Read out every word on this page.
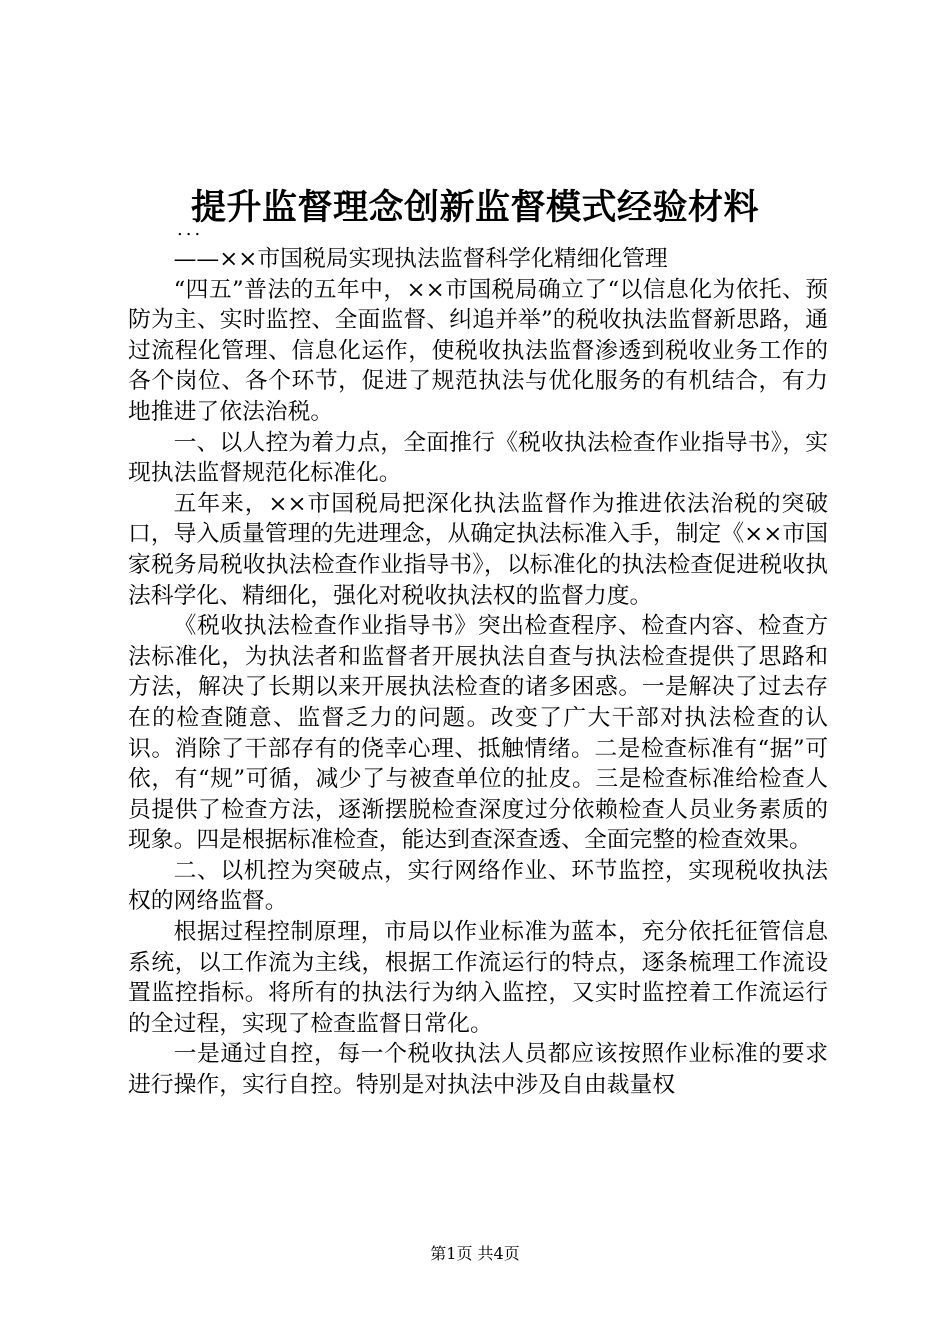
提升监督理念创新监督模式经验材料
...

——××市国税局实现执法监督科学化精细化管理

“四五”普法的五年中，××市国税局确立了“以信息化为依托、预防为主、实时监控、全面监督、纠追并举”的税收执法监督新思路，通过流程化管理、信息化运作，使税收执法监督渗透到税收业务工作的各个岗位、各个环节，促进了规范执法与优化服务的有机结合，有力地推进了依法治税。

一、以人控为着力点，全面推行《税收执法检查作业指导书》，实现执法监督规范化标准化。

五年来，××市国税局把深化执法监督作为推进依法治税的突破口，导入质量管理的先进理念，从确定执法标准入手，制定《××市国家税务局税收执法检查作业指导书》，以标准化的执法检查促进税收执法科学化、精细化，强化对税收执法权的监督力度。

《税收执法检查作业指导书》突出检查程序、检查内容、检查方法标准化，为执法者和监督者开展执法自查与执法检查提供了思路和方法，解决了长期以来开展执法检查的诸多困惑。一是解决了过去存在的检查随意、监督乏力的问题。改变了广大干部对执法检查的认识。消除了干部存有的侥幸心理、抵触情绪。二是检查标准有“据”可依，有“规”可循，减少了与被查单位的扯皮。三是检查标准给检查人员提供了检查方法，逐渐摆脱检查深度过分依赖检查人员业务素质的现象。四是根据标准检查，能达到查深查透、全面完整的检查效果。

二、以机控为突破点，实行网络作业、环节监控，实现税收执法权的网络监督。

根据过程控制原理，市局以作业标准为蓝本，充分依托征管信息系统，以工作流为主线，根据工作流运行的特点，逐条梳理工作流设置监控指标。将所有的执法行为纳入监控，又实时监控着工作流运行的全过程，实现了检查监督日常化。

一是通过自控，每一个税收执法人员都应该按照作业标准的要求进行操作，实行自控。特别是对执法中涉及自由裁量权

第1页 共4页
